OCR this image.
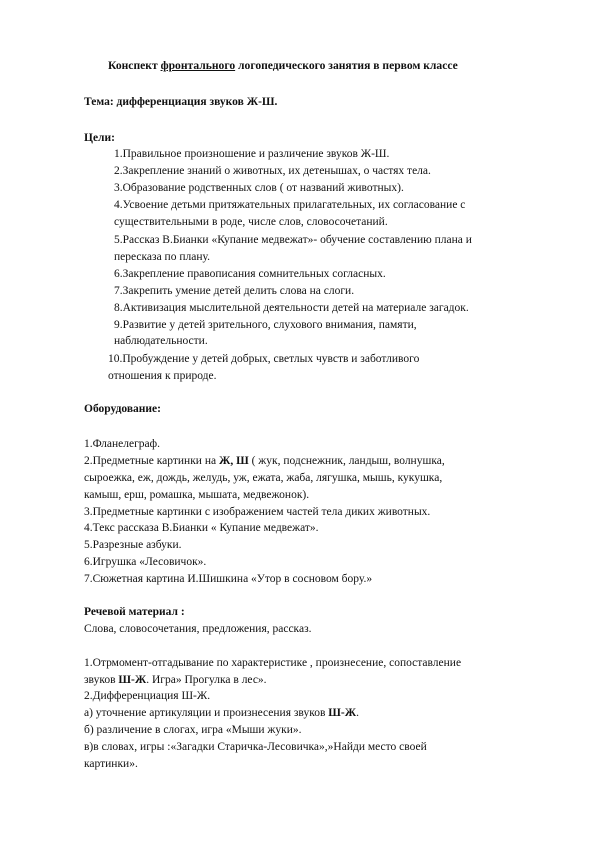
Конспект фронтального логопедического занятия в первом классе
Тема: дифференциация звуков Ж-Ш.
Цели:
1.Правильное произношение и различение звуков Ж-Ш.
2.Закрепление знаний о животных, их детенышах, о частях тела.
3.Образование родственных слов ( от названий животных).
4.Усвоение детьми притяжательных прилагательных, их согласование с
существительными в роде, числе слов, словосочетаний.
5.Рассказ В.Бианки «Купание медвежат»- обучение составлению плана и
пересказа по плану.
6.Закрепление правописания сомнительных согласных.
7.Закрепить умение детей делить слова на слоги.
8.Активизация мыслительной деятельности детей на материале загадок.
9.Развитие у детей зрительного, слухового внимания, памяти,
наблюдательности.
10.Пробуждение у детей добрых, светлых чувств и заботливого
отношения к природе.
Оборудование:
1.Фланелеграф.
2.Предметные картинки на Ж, Ш ( жук, подснежник, ландыш, волнушка,
сыроежка, еж, дождь, желудь, уж, ежата, жаба, лягушка, мышь, кукушка,
камыш, ерш, ромашка, мышата, медвежонок).
3.Предметные картинки с изображением частей тела диких животных.
4.Текс рассказа В.Бианки « Купание медвежат».
5.Разрезные азбуки.
6.Игрушка «Лесовичок».
7.Сюжетная картина И.Шишкина «Утор в сосновом бору.»
Речевой материал :
Слова, словосочетания, предложения, рассказ.
1.Отрмомент-отгадывание по характеристике , произнесение, сопоставление
звуков Ш-Ж. Игра» Прогулка в лес».
2.Дифференциация Ш-Ж.
а) уточнение артикуляции и произнесения звуков Ш-Ж.
б) различение в слогах, игра «Мыши жуки».
в)в словах, игры :«Загадки Старичка-Лесовичка»,»Найди место своей
картинки».
